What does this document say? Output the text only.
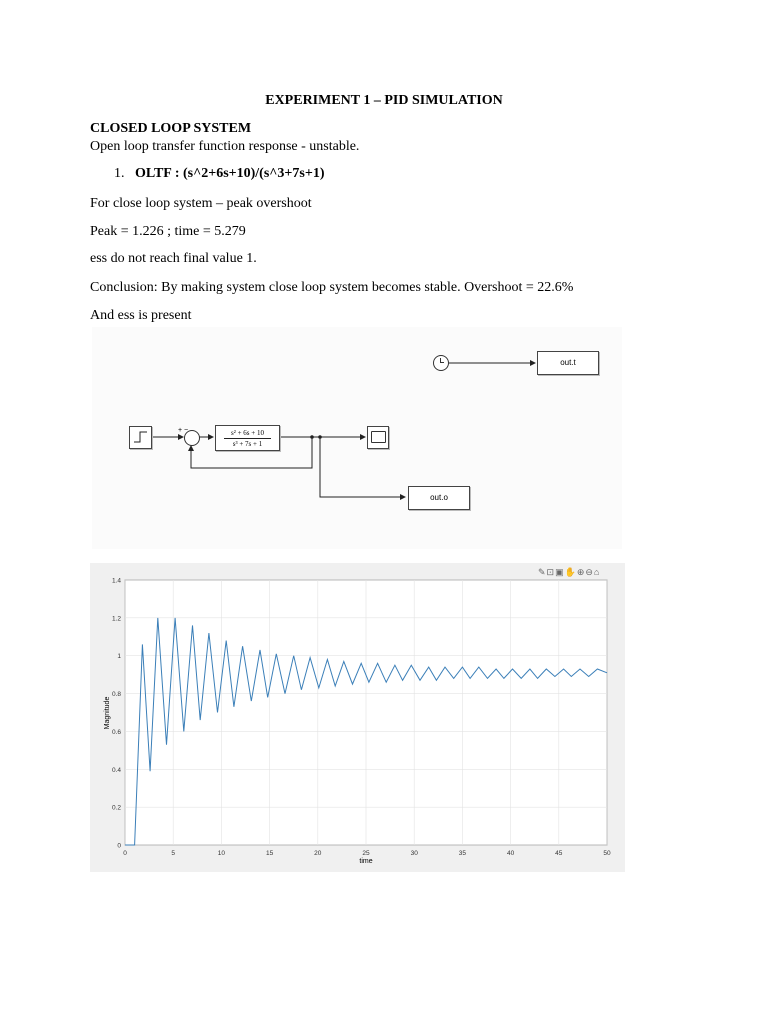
EXPERIMENT 1 – PID SIMULATION
CLOSED LOOP SYSTEM
Open loop transfer function response - unstable.
1. OLTF : (s^2+6s+10)/(s^3+7s+1)
For close loop system – peak overshoot
Peak = 1.226 ; time = 5.279
ess do not reach final value 1.
Conclusion: By making system close loop system becomes stable. Overshoot = 22.6%
And ess is present
out.t
+ −	s² + 6s + 10
s³ + 7s + 1
out.o
✎⊡▣✋⊕⊖⌂
0	5	10	15	20	25	30	35	40	45	50
0
0.2
0.4
0.6
0.8
1
1.2
1.4
time
Magnitude
